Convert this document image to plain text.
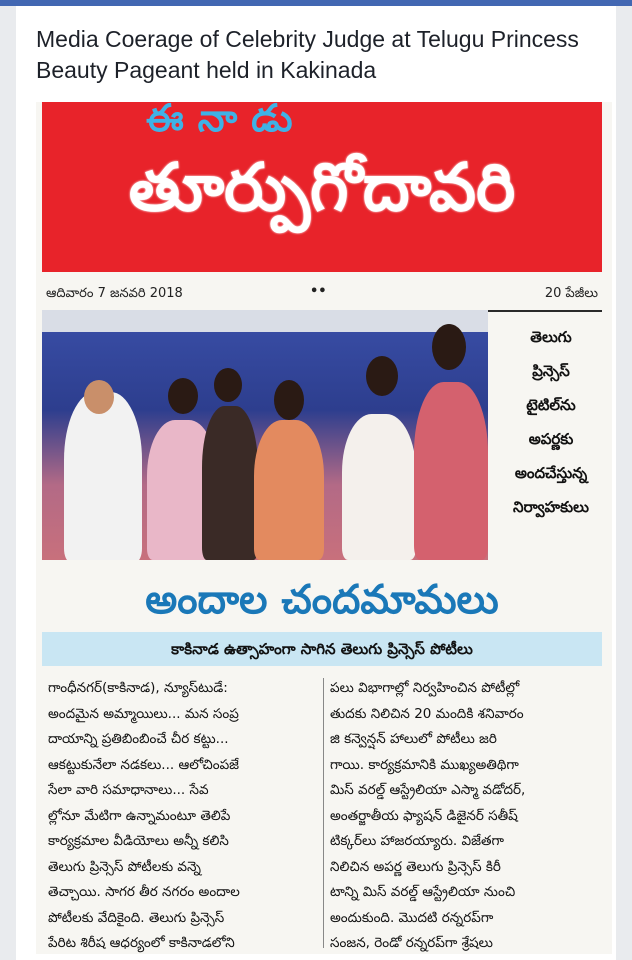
Media Coerage of Celebrity Judge at Telugu Princess Beauty Pageant held in Kakinada
ఈనాడు
తూర్పుగోదావరి
ఆదివారం 7 జనవరి 2018	••	20 పేజీలు
తెలుగు
ప్రిన్సెస్
టైటిల్‌ను
అపర్ణకు
అందచేస్తున్న
నిర్వాహకులు
అందాల చందమామలు
కాకినాడ ఉత్సాహంగా సాగిన తెలుగు ప్రిన్సెస్ పోటీలు

గాంధీనగర్(కాకినాడ), న్యూస్‌టుడే:

అందమైన అమ్మాయిలు... మన సంప్ర

దాయాన్ని ప్రతిబింబించే చీర కట్టు...

ఆకట్టుకునేలా నడకలు... ఆలోచింపజే

సేలా వారి సమాధానాలు... సేవ

ల్లోనూ మేటిగా ఉన్నామంటూ తెలిపే

కార్యక్రమాల వీడియోలు అన్నీ కలిసి

తెలుగు ప్రిన్సెస్ పోటీలకు వన్నె

తెచ్చాయి. సాగర తీర నగరం అందాల

పోటీలకు వేదికైంది. తెలుగు ప్రిన్సెస్

పేరిట శిరీష ఆధర్యంలో కాకినాడలోని

పలు విభాగాల్లో నిర్వహించిన పోటీల్లో

తుదకు నిలిచిన 20 మందికి శనివారం

జి కన్వెన్షన్ హాలులో పోటీలు జరి

గాయి. కార్యక్రమానికి ముఖ్యఅతిథిగా

మిస్ వరల్డ్ ఆస్ట్రేలియా ఎస్మా వడోదర్,

అంతర్జాతీయ ఫ్యాషన్ డిజైనర్ సతీష్

టిక్కర్‌లు హాజరయ్యారు. విజేతగా

నిలిచిన అపర్ణ తెలుగు ప్రిన్సెస్ కిరీ

టాన్ని మిస్ వరల్డ్ ఆస్ట్రేలియా నుంచి

అందుకుంది. మొదటి రన్నరప్‌గా

సంజన, రెండో రన్నరప్‌గా శ్రేషలు
